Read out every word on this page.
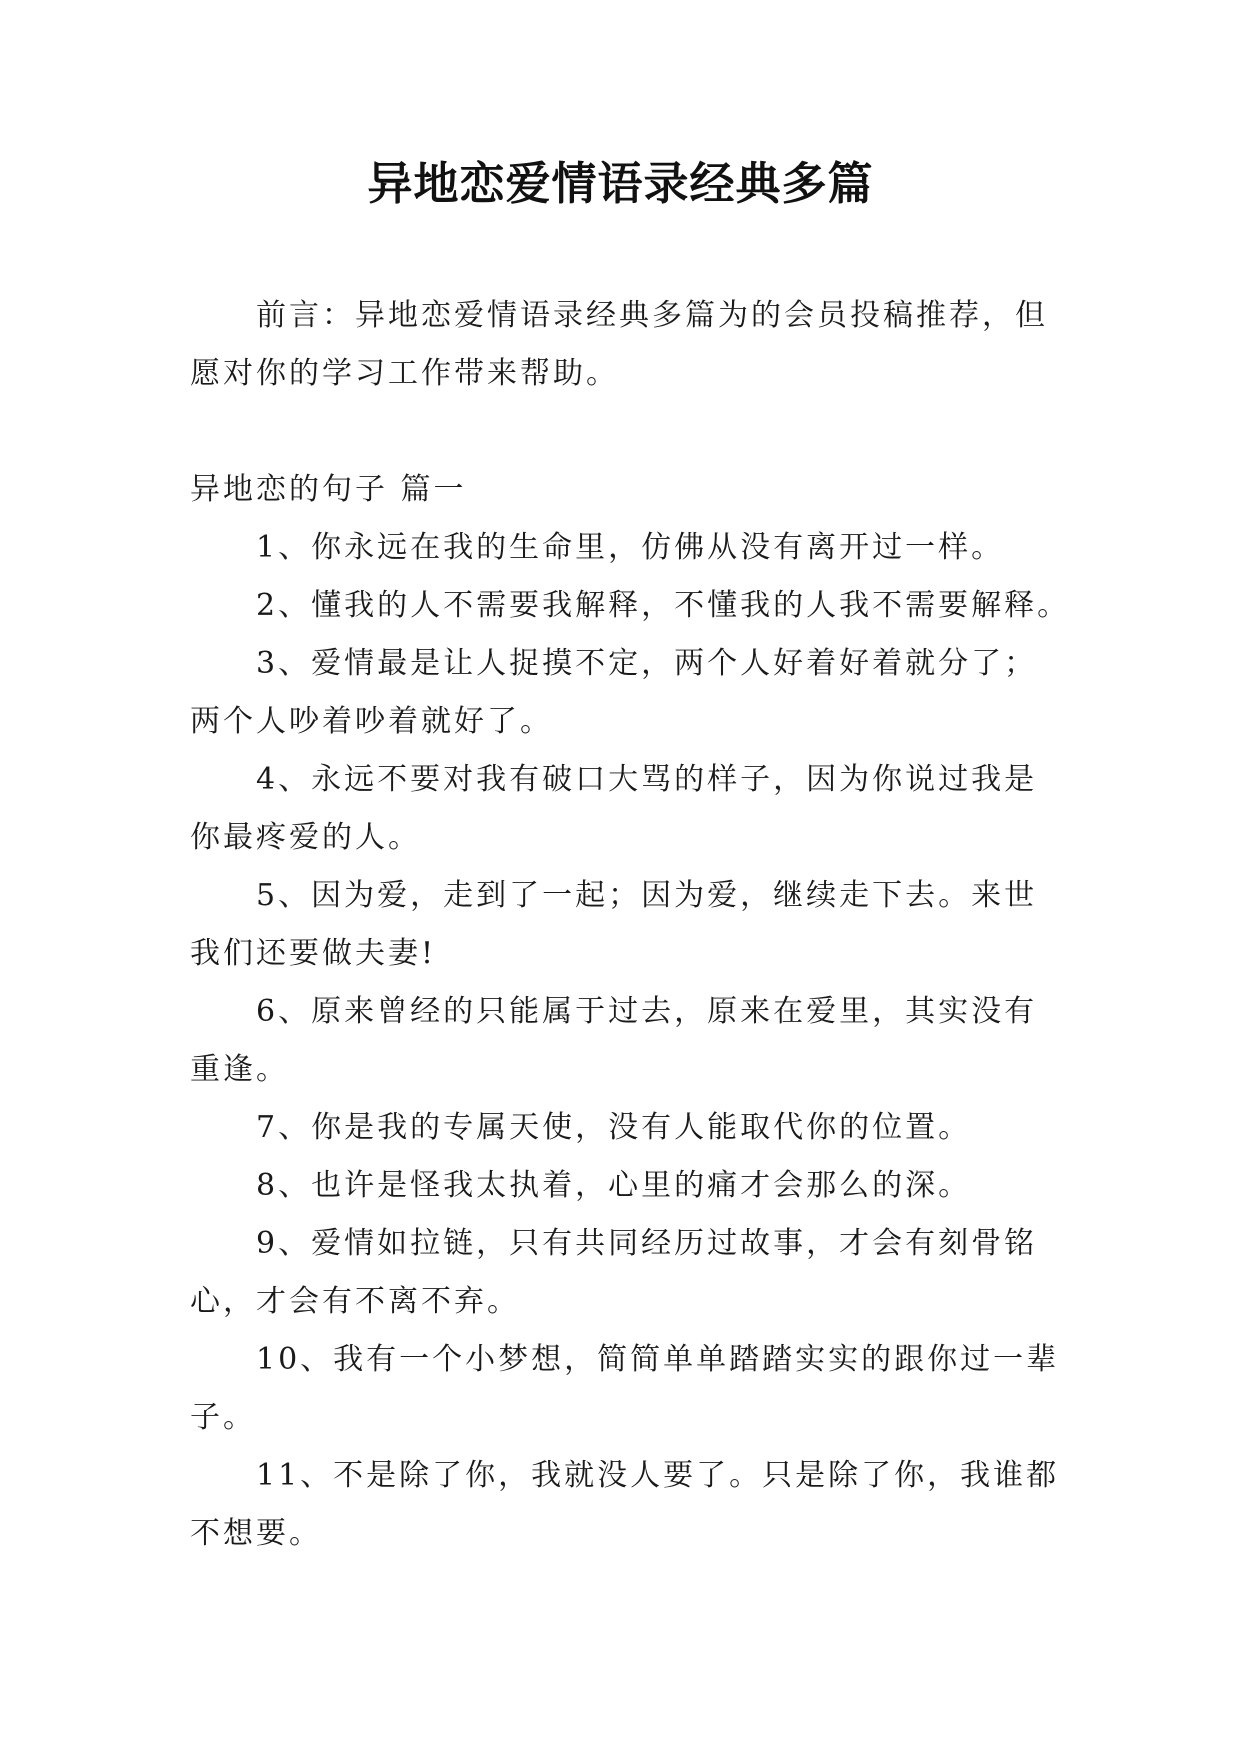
异地恋爱情语录经典多篇
前言：异地恋爱情语录经典多篇为的会员投稿推荐，但
愿对你的学习工作带来帮助。
异地恋的句子 篇一
1、你永远在我的生命里，仿佛从没有离开过一样。
2、懂我的人不需要我解释，不懂我的人我不需要解释。
3、爱情最是让人捉摸不定，两个人好着好着就分了；
两个人吵着吵着就好了。
4、永远不要对我有破口大骂的样子，因为你说过我是
你最疼爱的人。
5、因为爱，走到了一起；因为爱，继续走下去。来世
我们还要做夫妻!
6、原来曾经的只能属于过去，原来在爱里，其实没有
重逢。
7、你是我的专属天使，没有人能取代你的位置。
8、也许是怪我太执着，心里的痛才会那么的深。
9、爱情如拉链，只有共同经历过故事，才会有刻骨铭
心，才会有不离不弃。
10、我有一个小梦想，简简单单踏踏实实的跟你过一辈
子。
11、不是除了你，我就没人要了。只是除了你，我谁都
不想要。
